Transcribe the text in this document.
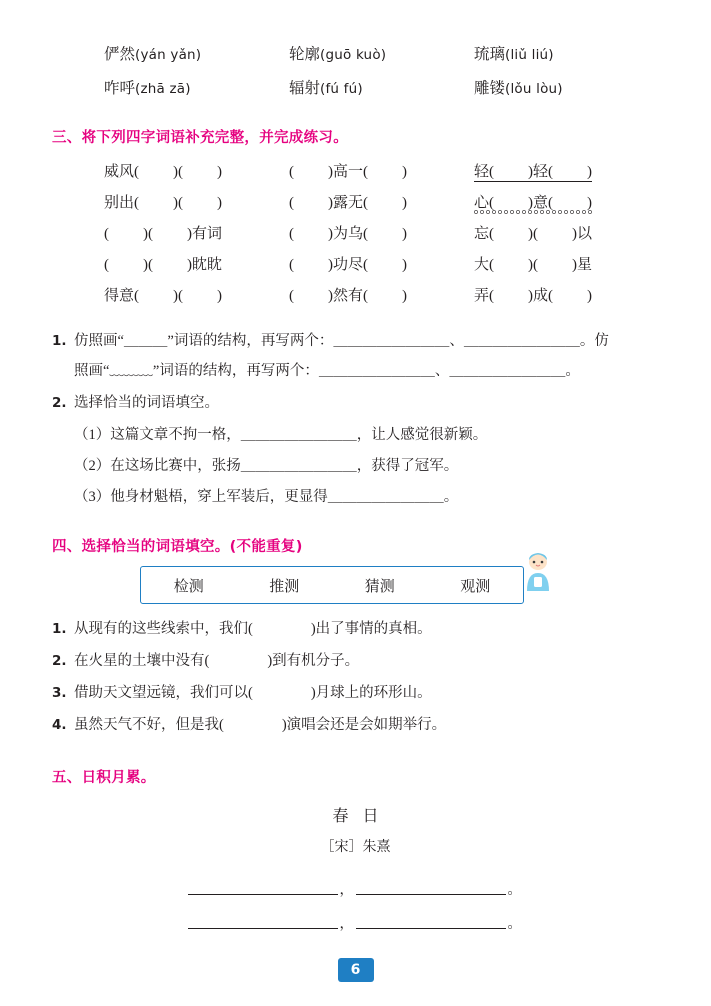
俨然(yán yǎn)	轮廓(guō kuò)	琉璃(liǔ liú)
咋呼(zhā zā)	辐射(fú fú)	雕镂(lǒu lòu)
三、将下列四字词语补充完整，并完成练习。
威风( )( )	( )高一( )	轻( )轻( )
别出( )( )	( )露无( )	心( )意( )
( )( )有词	( )为乌( )	忘( )( )以
( )( )眈眈	( )功尽( )	大( )( )星
得意( )( )	( )然有( )	弄( )成( )
1. 仿照画“＿＿＿”词语的结构，再写两个：＿＿＿＿＿＿＿＿、＿＿＿＿＿＿＿＿。仿
照画“﹏﹏﹏”词语的结构，再写两个：＿＿＿＿＿＿＿＿、＿＿＿＿＿＿＿＿。
2. 选择恰当的词语填空。
（1）这篇文章不拘一格，＿＿＿＿＿＿＿＿，让人感觉很新颖。
（2）在这场比赛中，张扬＿＿＿＿＿＿＿＿，获得了冠军。
（3）他身材魁梧，穿上军装后，更显得＿＿＿＿＿＿＿＿。
四、选择恰当的词语填空。(不能重复)
检测	推测	猜测	观测
1. 从现有的这些线索中，我们(　　　　)出了事情的真相。
2. 在火星的土壤中没有(　　　　)到有机分子。
3. 借助天文望远镜，我们可以(　　　　)月球上的环形山。
4. 虽然天气不好，但是我(　　　　)演唱会还是会如期举行。
五、日积月累。
春日
［宋］朱熹
，	。
，	。
6
